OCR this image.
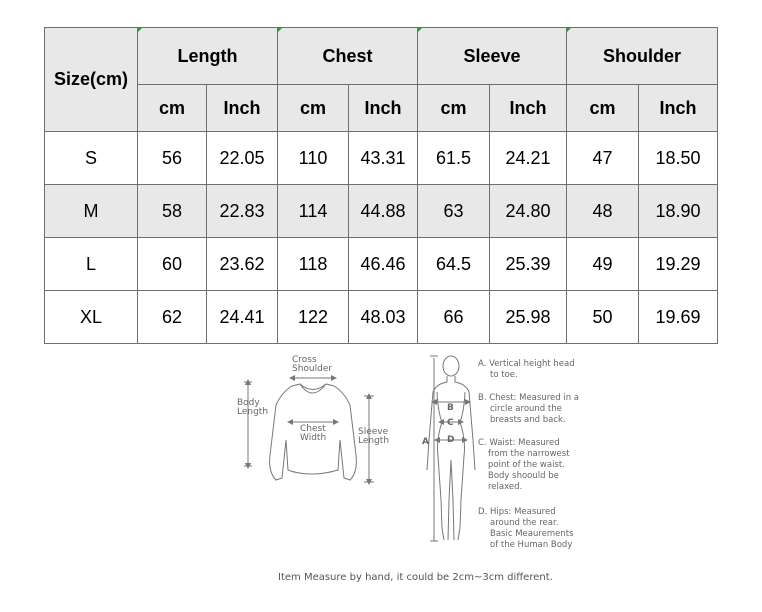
Size(cm)	Length		Chest		Sleeve		Shoulder	
	cm	Inch	cm	Inch	cm	Inch	cm	Inch
S	56	22.05	110	43.31	61.5	24.21	47	18.50
M	58	22.83	114	44.88	63	24.80	48	18.90
L	60	23.62	118	46.46	64.5	25.39	49	19.29
XL	62	24.41	122	48.03	66	25.98	50	19.69
Cross
Shoulder
Body
Length
Chest
Width
Sleeve
Length	A
B
C
D
A. Vertical height head
to toe.
B. Chest: Measured in a
circle around the
breasts and back.
C. Waist: Measured
from the narrowest
point of the waist.
Body shoould be
relaxed.
D. Hips: Measured
around the rear.
Basic Meaurements
of the Human Body
Item Measure by hand, it could be 2cm~3cm different.
